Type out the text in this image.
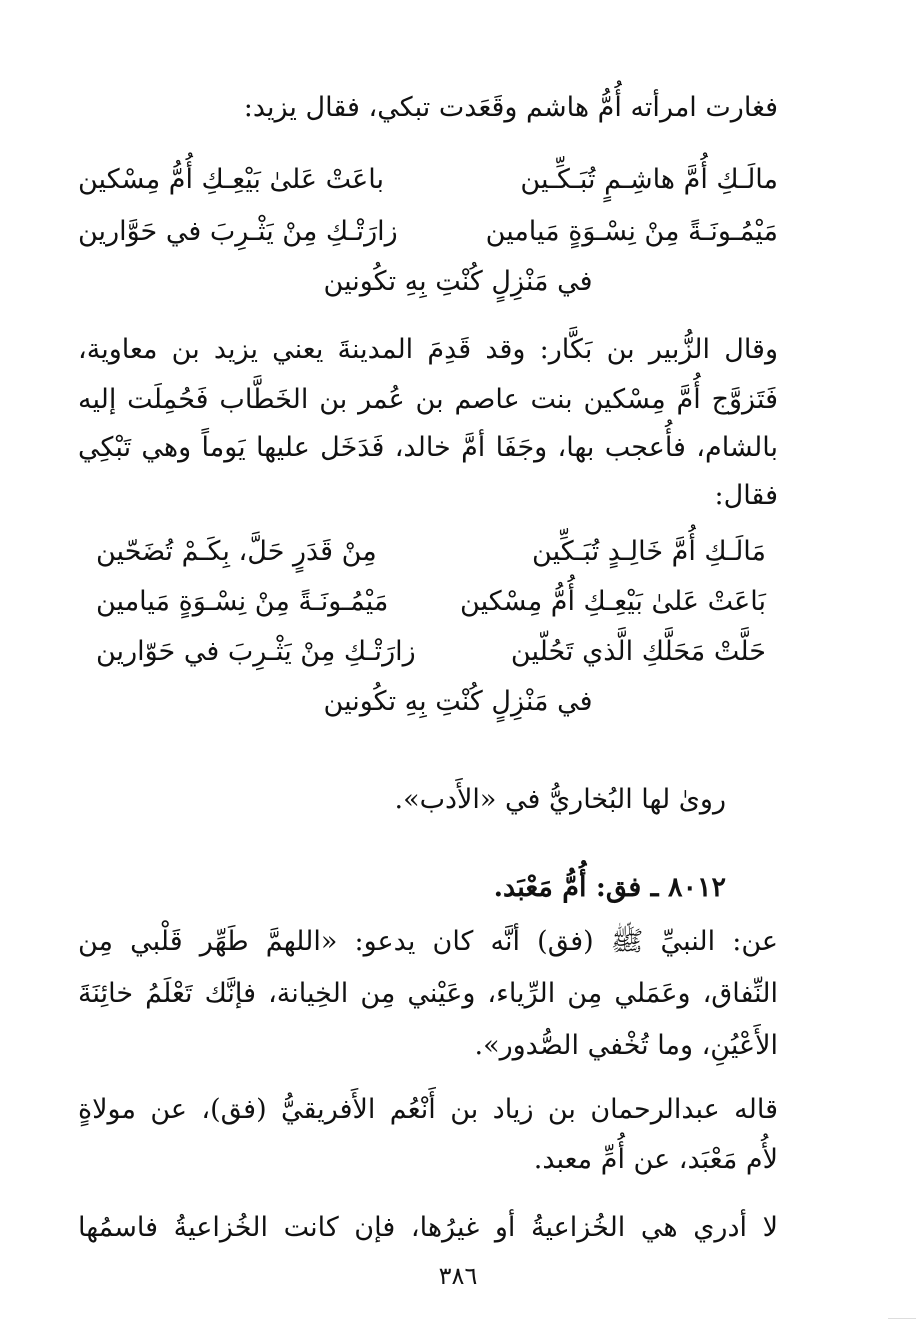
فغارت امرأته أُمُّ هاشم وقَعَدت تبكي، فقال يزيد:
مالَـكِ أُمَّ هاشِـمٍ تُبَـكِّـين
باعَتْ عَلىٰ بَيْعِـكِ أُمُّ مِسْكين
مَيْمُـونَـةً مِنْ نِسْـوَةٍ مَيامين
زارَتْـكِ مِنْ يَثْـرِبَ في حَوَّارين
في مَنْزِلٍ كُنْتِ بِهِ تكُونين
وقال الزُّبير بن بَكَّار: وقد قَدِمَ المدينةَ يعني يزيد بن معاوية،
فَتَزوَّج أُمَّ مِسْكين بنت عاصم بن عُمر بن الخَطَّاب فَحُمِلَت إليه
بالشام، فأُعجب بها، وجَفَا أمَّ خالد، فَدَخَل عليها يَوماً وهي تَبْكِي
فقال:
مَالَـكِ أُمَّ خَالِـدٍ تُبَـكِّين
مِنْ قَدَرٍ حَلَّ، بِكَـمْ تُضَحّين
بَاعَتْ عَلىٰ بَيْعِـكِ أُمُّ مِسْكين
مَيْمُـونَـةً مِنْ نِسْـوَةٍ مَيامين
حَلَّتْ مَحَلَّكِ الَّذي تَحُلّين
زارَتْـكِ مِنْ يَثْـرِبَ في حَوّارين
في مَنْزِلٍ كُنْتِ بِهِ تكُونين
روىٰ لها البُخاريُّ في «الأَدب».
٨٠١٢ ـ فق: أُمُّ مَعْبَد.
عن: النبيِّ ﷺ (فق) أنَّه كان يدعو: «اللهمَّ طَهِّر قَلْبي مِن
النِّفاق، وعَمَلي مِن الرِّياء، وعَيْني مِن الخِيانة، فإنَّك تَعْلَمُ خائِنَةَ
الأَعْيُنِ، وما تُخْفي الصُّدور».
قاله عبدالرحمان بن زياد بن أَنْعُم الأَفريقيُّ (فق)، عن مولاةٍ
لأُم مَعْبَد، عن أُمِّ معبد.
لا أدري هي الخُزاعيةُ أو غيرُها، فإن كانت الخُزاعيةُ فاسمُها
٣٨٦
